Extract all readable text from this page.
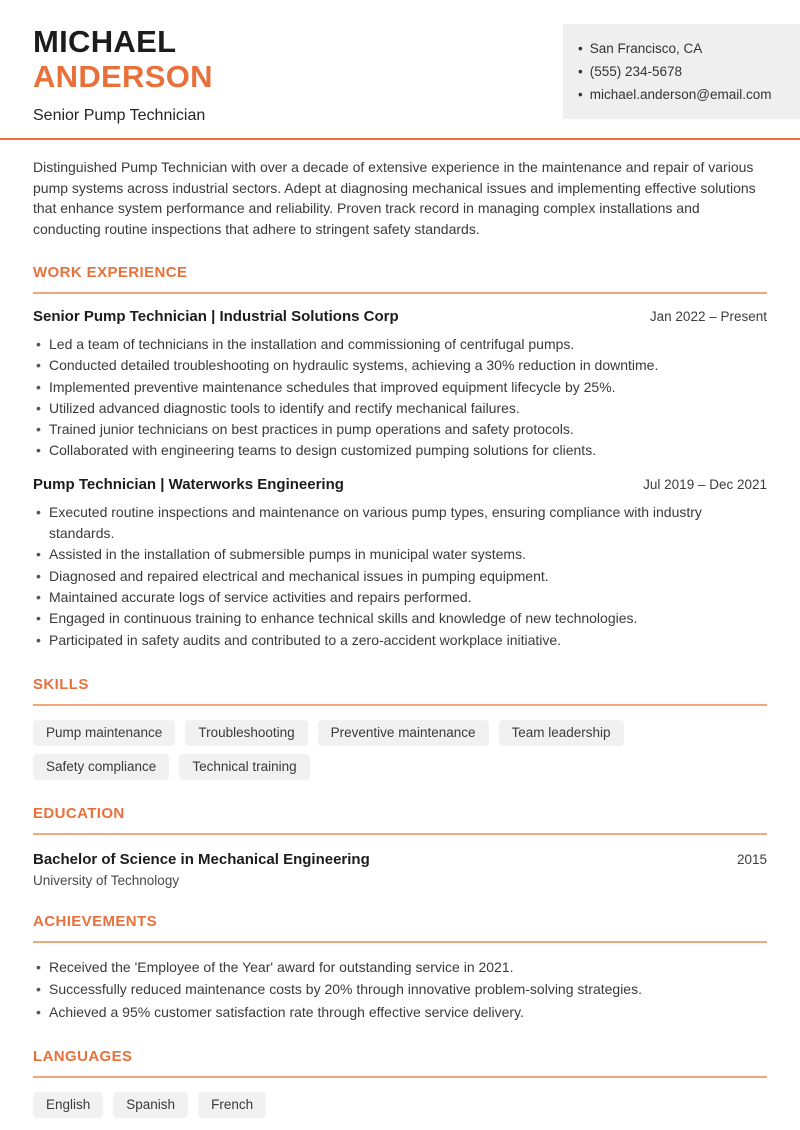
MICHAEL
ANDERSON
Senior Pump Technician
• San Francisco, CA
• (555) 234-5678
• michael.anderson@email.com

Distinguished Pump Technician with over a decade of extensive experience in the maintenance and repair of various pump systems across industrial sectors. Adept at diagnosing mechanical issues and implementing effective solutions that enhance system performance and reliability. Proven track record in managing complex installations and conducting routine inspections that adhere to stringent safety standards.

WORK EXPERIENCE
Senior Pump Technician | Industrial Solutions Corp	Jan 2022 – Present
• Led a team of technicians in the installation and commissioning of centrifugal pumps.
• Conducted detailed troubleshooting on hydraulic systems, achieving a 30% reduction in downtime.
• Implemented preventive maintenance schedules that improved equipment lifecycle by 25%.
• Utilized advanced diagnostic tools to identify and rectify mechanical failures.
• Trained junior technicians on best practices in pump operations and safety protocols.
• Collaborated with engineering teams to design customized pumping solutions for clients.
Pump Technician | Waterworks Engineering	Jul 2019 – Dec 2021
• Executed routine inspections and maintenance on various pump types, ensuring compliance with industry standards.
• Assisted in the installation of submersible pumps in municipal water systems.
• Diagnosed and repaired electrical and mechanical issues in pumping equipment.
• Maintained accurate logs of service activities and repairs performed.
• Engaged in continuous training to enhance technical skills and knowledge of new technologies.
• Participated in safety audits and contributed to a zero-accident workplace initiative.
SKILLS
Pump maintenance	Troubleshooting	Preventive maintenance	Team leadership
Safety compliance	Technical training
EDUCATION
Bachelor of Science in Mechanical Engineering	2015
University of Technology
ACHIEVEMENTS
• Received the 'Employee of the Year' award for outstanding service in 2021.
• Successfully reduced maintenance costs by 20% through innovative problem-solving strategies.
• Achieved a 95% customer satisfaction rate through effective service delivery.
LANGUAGES
English	Spanish	French
